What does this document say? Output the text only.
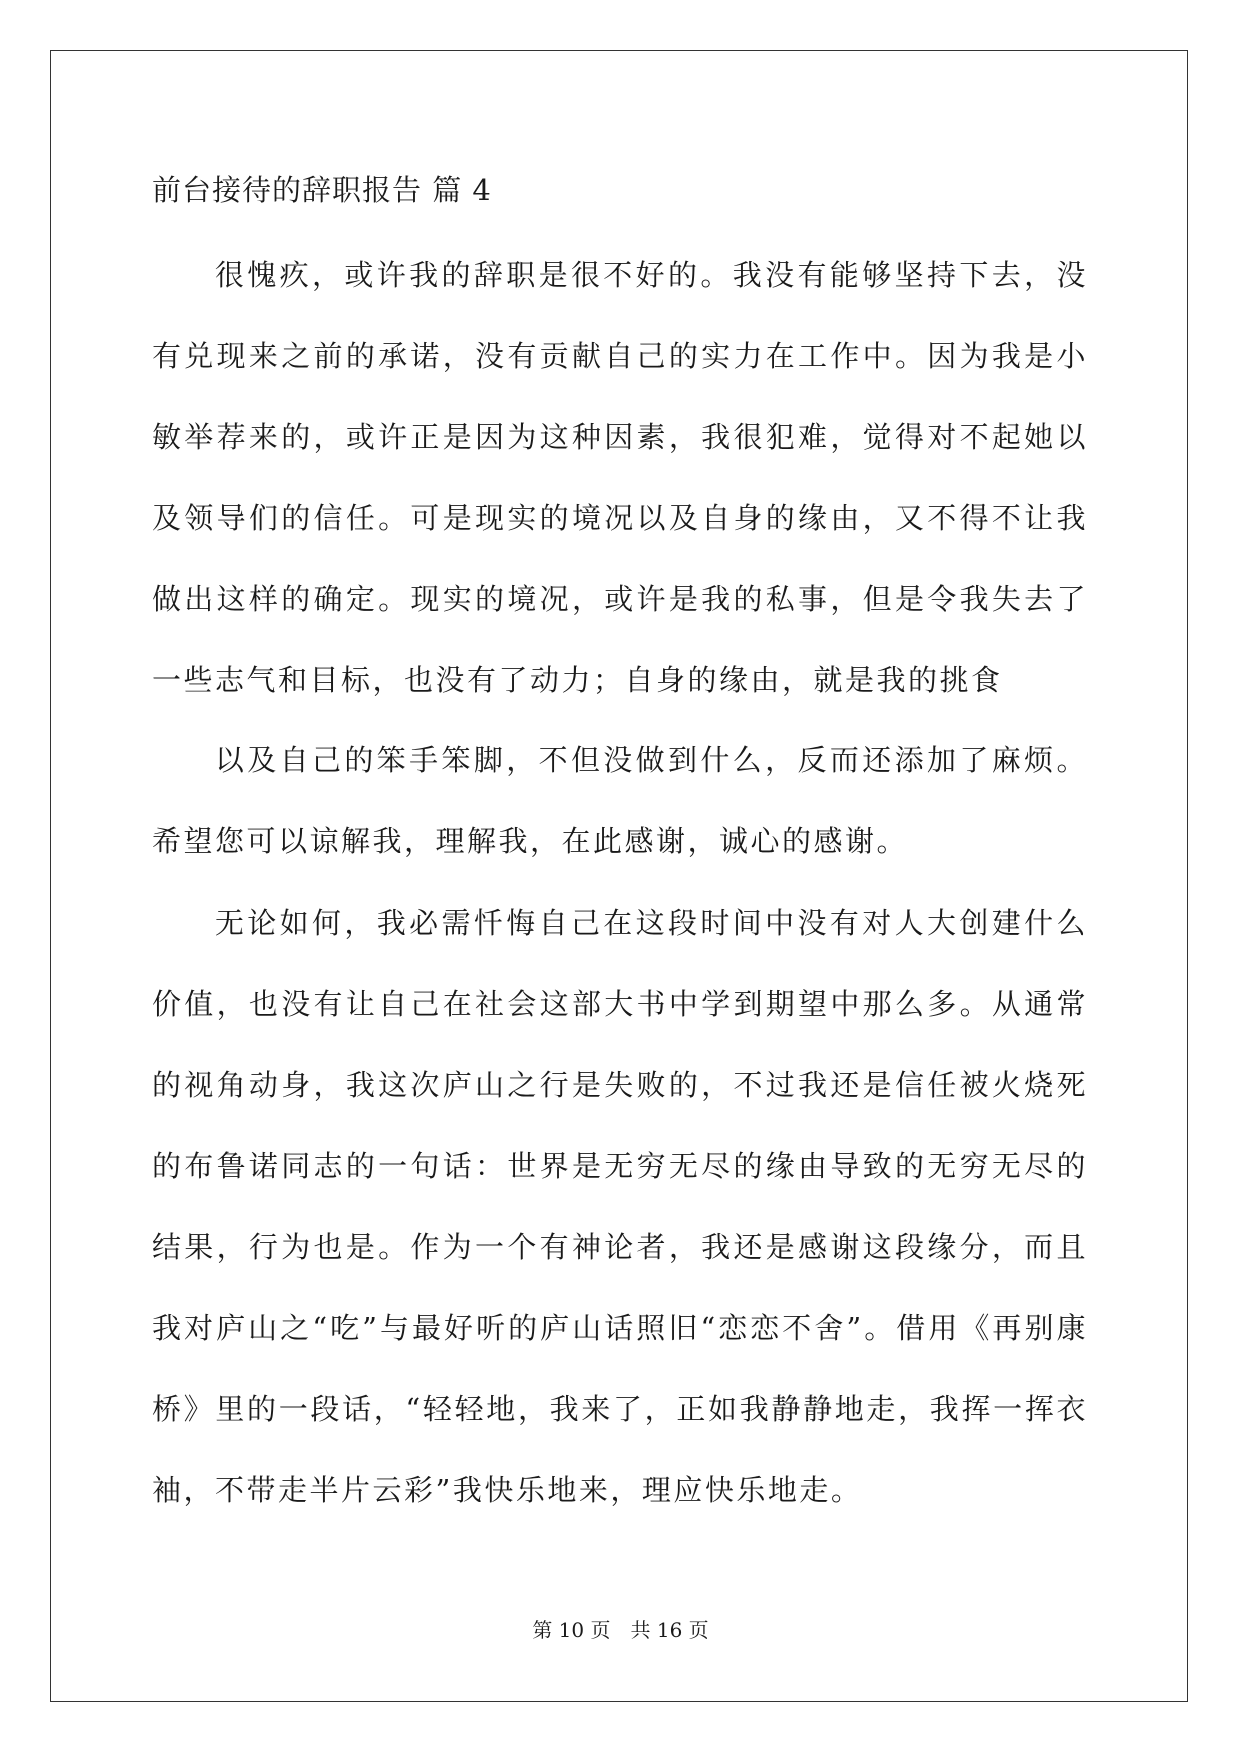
前台接待的辞职报告 篇 4

很愧疚，或许我的辞职是很不好的。我没有能够坚持下去，没有兑现来之前的承诺，没有贡献自己的实力在工作中。因为我是小敏举荐来的，或许正是因为这种因素，我很犯难，觉得对不起她以及领导们的信任。可是现实的境况以及自身的缘由，又不得不让我做出这样的确定。现实的境况，或许是我的私事，但是令我失去了一些志气和目标，也没有了动力；自身的缘由，就是我的挑食

以及自己的笨手笨脚，不但没做到什么，反而还添加了麻烦。希望您可以谅解我，理解我，在此感谢，诚心的感谢。

无论如何，我必需忏悔自己在这段时间中没有对人大创建什么价值，也没有让自己在社会这部大书中学到期望中那么多。从通常的视角动身，我这次庐山之行是失败的，不过我还是信任被火烧死的布鲁诺同志的一句话：世界是无穷无尽的缘由导致的无穷无尽的结果，行为也是。作为一个有神论者，我还是感谢这段缘分，而且我对庐山之“吃”与最好听的庐山话照旧“恋恋不舍”。借用《再别康桥》里的一段话，“轻轻地，我来了，正如我静静地走，我挥一挥衣袖，不带走半片云彩”我快乐地来，理应快乐地走。

第 10 页　共 16 页
